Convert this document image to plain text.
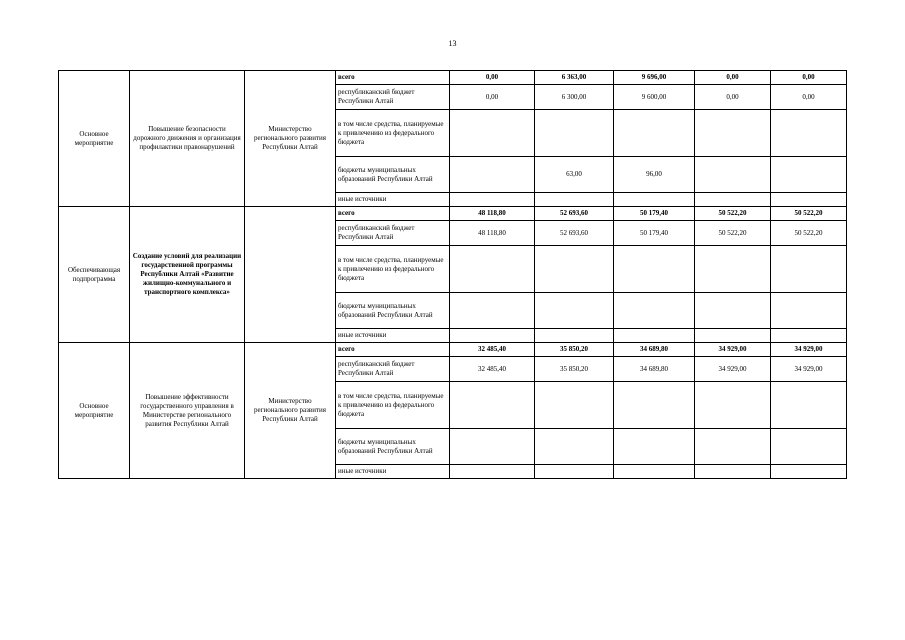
13
Основное мероприятие	Повышение безопасности дорожного движения и организация профилактики правонарушений	Министерство регионального развития Республики Алтай	всего	0,00	6 363,00	9 696,00	0,00	0,00
			республиканский бюджет Республики Алтай	0,00	6 300,00	9 600,00	0,00	0,00
			в том числе средства, планируемые к привлечению из федерального бюджета					
			бюджеты муниципальных образований Республики Алтай		63,00	96,00		
			иные источники					
Обеспечивающая подпрограмма	Создание условий для реализации государственной программы Республики Алтай «Развитие жилищно-коммунального и транспортного комплекса»		всего	48 118,80	52 693,60	50 179,40	50 522,20	50 522,20
			республиканский бюджет Республики Алтай	48 118,80	52 693,60	50 179,40	50 522,20	50 522,20
			в том числе средства, планируемые к привлечению из федерального бюджета					
			бюджеты муниципальных образований Республики Алтай					
			иные источники					
Основное мероприятие	Повышение эффективности государственного управления в Министерстве регионального развития Республики Алтай	Министерство регионального развития Республики Алтай	всего	32 485,40	35 850,20	34 689,80	34 929,00	34 929,00
			республиканский бюджет Республики Алтай	32 485,40	35 850,20	34 689,80	34 929,00	34 929,00
			в том числе средства, планируемые к привлечению из федерального бюджета					
			бюджеты муниципальных образований Республики Алтай					
			иные источники					
